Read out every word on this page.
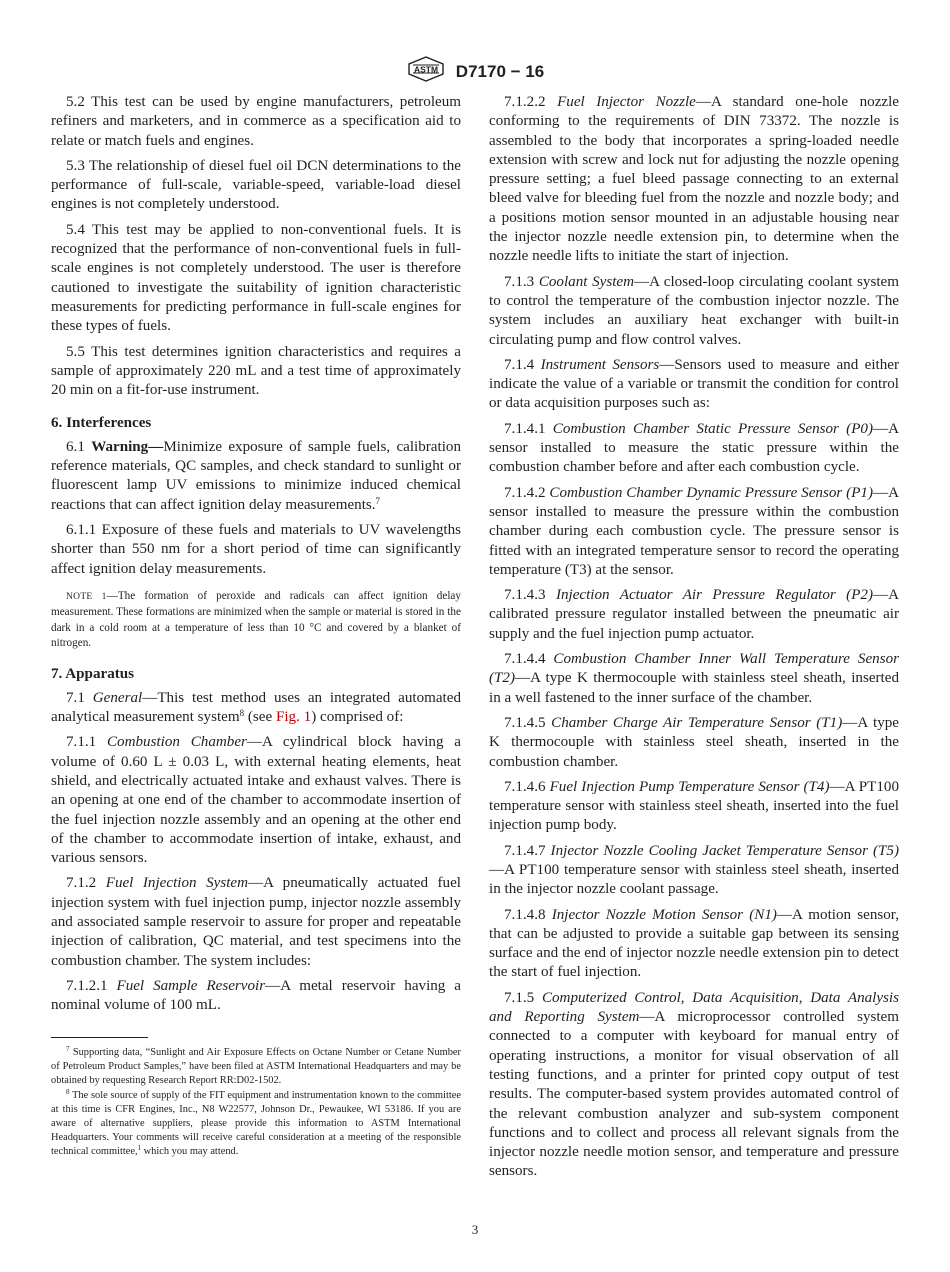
ASTM D7170 − 16

5.2 This test can be used by engine manufacturers, petroleum refiners and marketers, and in commerce as a specification aid to relate or match fuels and engines.

5.3 The relationship of diesel fuel oil DCN determinations to the performance of full-scale, variable-speed, variable-load diesel engines is not completely understood.

5.4 This test may be applied to non-conventional fuels. It is recognized that the performance of non-conventional fuels in full-scale engines is not completely understood. The user is therefore cautioned to investigate the suitability of ignition characteristic measurements for predicting performance in full-scale engines for these types of fuels.

5.5 This test determines ignition characteristics and requires a sample of approximately 220 mL and a test time of approximately 20 min on a fit-for-use instrument.

6. Interferences

6.1 Warning—Minimize exposure of sample fuels, calibration reference materials, QC samples, and check standard to sunlight or fluorescent lamp UV emissions to minimize induced chemical reactions that can affect ignition delay measurements.$^7$

6.1.1 Exposure of these fuels and materials to UV wavelengths shorter than 550 nm for a short period of time can significantly affect ignition delay measurements.

NOTE 1—The formation of peroxide and radicals can affect ignition delay measurement. These formations are minimized when the sample or material is stored in the dark in a cold room at a temperature of less than 10 °C and covered by a blanket of nitrogen.
7. Apparatus

7.1 General—This test method uses an integrated automated analytical measurement system$^8$ (see Fig. 1) comprised of:

7.1.1 Combustion Chamber—A cylindrical block having a volume of 0.60 L ± 0.03 L, with external heating elements, heat shield, and electrically actuated intake and exhaust valves. There is an opening at one end of the chamber to accommodate insertion of the fuel injection nozzle assembly and an opening at the other end of the chamber to accommodate insertion of intake, exhaust, and various sensors.

7.1.2 Fuel Injection System—A pneumatically actuated fuel injection system with fuel injection pump, injector nozzle assembly and associated sample reservoir to assure for proper and repeatable injection of calibration, QC material, and test specimens into the combustion chamber. The system includes:

7.1.2.1 Fuel Sample Reservoir—A metal reservoir having a nominal volume of 100 mL.

$^7$ Supporting data, “Sunlight and Air Exposure Effects on Octane Number or Cetane Number of Petroleum Product Samples,” have been filed at ASTM International Headquarters and may be obtained by requesting Research Report RR:D02-1502.

$^8$ The sole source of supply of the FIT equipment and instrumentation known to the committee at this time is CFR Engines, Inc., N8 W22577, Johnson Dr., Pewaukee, WI 53186. If you are aware of alternative suppliers, please provide this information to ASTM International Headquarters. Your comments will receive careful consideration at a meeting of the responsible technical committee,$^1$ which you may attend.

7.1.2.2 Fuel Injector Nozzle—A standard one-hole nozzle conforming to the requirements of DIN 73372. The nozzle is assembled to the body that incorporates a spring-loaded needle extension with screw and lock nut for adjusting the nozzle opening pressure setting; a fuel bleed passage connecting to an external bleed valve for bleeding fuel from the nozzle and nozzle body; and a positions motion sensor mounted in an adjustable housing near the injector nozzle needle extension pin, to determine when the nozzle needle lifts to initiate the start of injection.

7.1.3 Coolant System—A closed-loop circulating coolant system to control the temperature of the combustion injector nozzle. The system includes an auxiliary heat exchanger with built-in circulating pump and flow control valves.

7.1.4 Instrument Sensors—Sensors used to measure and either indicate the value of a variable or transmit the condition for control or data acquisition purposes such as:

7.1.4.1 Combustion Chamber Static Pressure Sensor (P0)—A sensor installed to measure the static pressure within the combustion chamber before and after each combustion cycle.

7.1.4.2 Combustion Chamber Dynamic Pressure Sensor (P1)—A sensor installed to measure the pressure within the combustion chamber during each combustion cycle. The pressure sensor is fitted with an integrated temperature sensor to record the operating temperature (T3) at the sensor.

7.1.4.3 Injection Actuator Air Pressure Regulator (P2)—A calibrated pressure regulator installed between the pneumatic air supply and the fuel injection pump actuator.

7.1.4.4 Combustion Chamber Inner Wall Temperature Sensor (T2)—A type K thermocouple with stainless steel sheath, inserted in a well fastened to the inner surface of the chamber.

7.1.4.5 Chamber Charge Air Temperature Sensor (T1)—A type K thermocouple with stainless steel sheath, inserted in the combustion chamber.

7.1.4.6 Fuel Injection Pump Temperature Sensor (T4)—A PT100 temperature sensor with stainless steel sheath, inserted into the fuel injection pump body.

7.1.4.7 Injector Nozzle Cooling Jacket Temperature Sensor (T5)—A PT100 temperature sensor with stainless steel sheath, inserted in the injector nozzle coolant passage.

7.1.4.8 Injector Nozzle Motion Sensor (N1)—A motion sensor, that can be adjusted to provide a suitable gap between its sensing surface and the end of injector nozzle needle extension pin to detect the start of fuel injection.

7.1.5 Computerized Control, Data Acquisition, Data Analysis and Reporting System—A microprocessor controlled system connected to a computer with keyboard for manual entry of operating instructions, a monitor for visual observation of all testing functions, and a printer for printed copy output of test results. The computer-based system provides automated control of the relevant combustion analyzer and sub-system component functions and to collect and process all relevant signals from the injector nozzle needle motion sensor, and temperature and pressure sensors.

3
